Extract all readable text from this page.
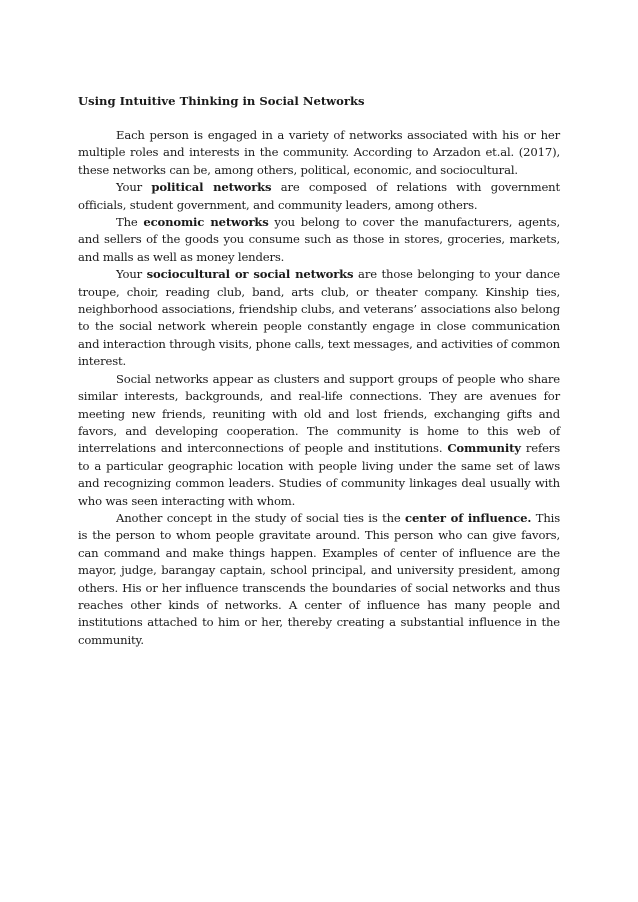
Using Intuitive Thinking in Social Networks

Each person is engaged in a variety of networks associated with his or her multiple roles and interests in the community. According to Arzadon et.al. (2017), these networks can be, among others, political, economic, and sociocultural.

Your political networks are composed of relations with government officials, student government, and community leaders, among others.

The economic networks you belong to cover the manufacturers, agents, and sellers of the goods you consume such as those in stores, groceries, markets, and malls as well as money lenders.

Your sociocultural or social networks are those belonging to your dance troupe, choir, reading club, band, arts club, or theater company. Kinship ties, neighborhood associations, friendship clubs, and veterans’ associations also belong to the social network wherein people constantly engage in close communication and interaction through visits, phone calls, text messages, and activities of common interest.

Social networks appear as clusters and support groups of people who share similar interests, backgrounds, and real-life connections. They are avenues for meeting new friends, reuniting with old and lost friends, exchanging gifts and favors, and developing cooperation. The community is home to this web of interrelations and interconnections of people and institutions. Community refers to a particular geographic location with people living under the same set of laws and recognizing common leaders. Studies of community linkages deal usually with who was seen interacting with whom.

Another concept in the study of social ties is the center of influence. This is the person to whom people gravitate around. This person who can give favors, can command and make things happen. Examples of center of influence are the mayor, judge, barangay captain, school principal, and university president, among others. His or her influence transcends the boundaries of social networks and thus reaches other kinds of networks. A center of influence has many people and institutions attached to him or her, thereby creating a substantial influence in the community.
